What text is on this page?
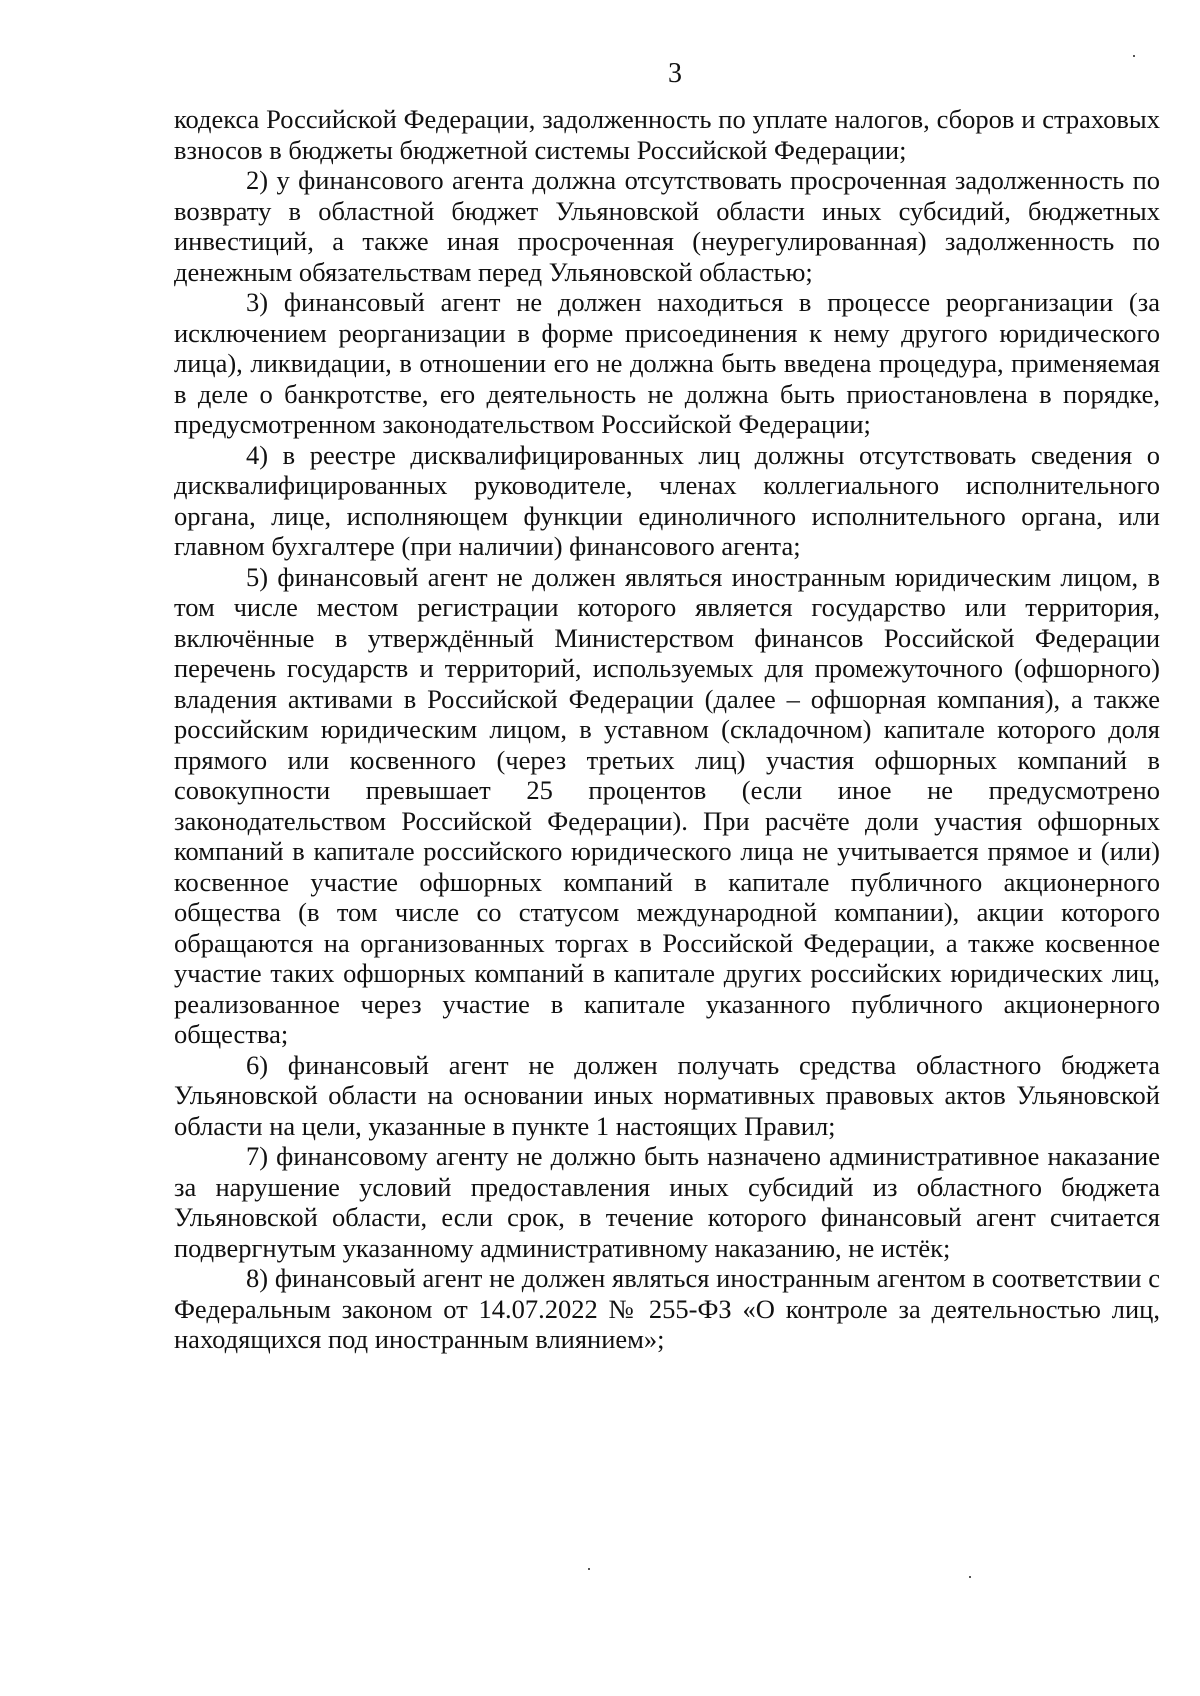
3

кодекса Российской Федерации, задолженность по уплате налогов, сборов и страховых взносов в бюджеты бюджетной системы Российской Федерации;

2) у финансового агента должна отсутствовать просроченная задолженность по возврату в областной бюджет Ульяновской области иных субсидий, бюджетных инвестиций, а также иная просроченная (неурегулированная) задолженность по денежным обязательствам перед Ульяновской областью;

3) финансовый агент не должен находиться в процессе реорганизации (за исключением реорганизации в форме присоединения к нему другого юридического лица), ликвидации, в отношении его не должна быть введена процедура, применяемая в деле о банкротстве, его деятельность не должна быть приостановлена в порядке, предусмотренном законодательством Российской Федерации;

4) в реестре дисквалифицированных лиц должны отсутствовать сведения о дисквалифицированных руководителе, членах коллегиального исполнительного органа, лице, исполняющем функции единоличного исполнительного органа, или главном бухгалтере (при наличии) финансового агента;

5) финансовый агент не должен являться иностранным юридическим лицом, в том числе местом регистрации которого является государство или территория, включённые в утверждённый Министерством финансов Российской Федерации перечень государств и территорий, используемых для промежуточного (офшорного) владения активами в Российской Федерации (далее – офшорная компания), а также российским юридическим лицом, в уставном (складочном) капитале которого доля прямого или косвенного (через третьих лиц) участия офшорных компаний в совокупности превышает 25 процентов (если иное не предусмотрено законодательством Российской Федерации). При расчёте доли участия офшорных компаний в капитале российского юридического лица не учитывается прямое и (или) косвенное участие офшорных компаний в капитале публичного акционерного общества (в том числе со статусом международной компании), акции которого обращаются на организованных торгах в Российской Федерации, а также косвенное участие таких офшорных компаний в капитале других российских юридических лиц, реализованное через участие в капитале указанного публичного акционерного общества;

6) финансовый агент не должен получать средства областного бюджета Ульяновской области на основании иных нормативных правовых актов Ульяновской области на цели, указанные в пункте 1 настоящих Правил;

7) финансовому агенту не должно быть назначено административное наказание за нарушение условий предоставления иных субсидий из областного бюджета Ульяновской области, если срок, в течение которого финансовый агент считается подвергнутым указанному административному наказанию, не истёк;

8) финансовый агент не должен являться иностранным агентом в соответствии с Федеральным законом от 14.07.2022 № 255-ФЗ «О контроле за деятельностью лиц, находящихся под иностранным влиянием»;
